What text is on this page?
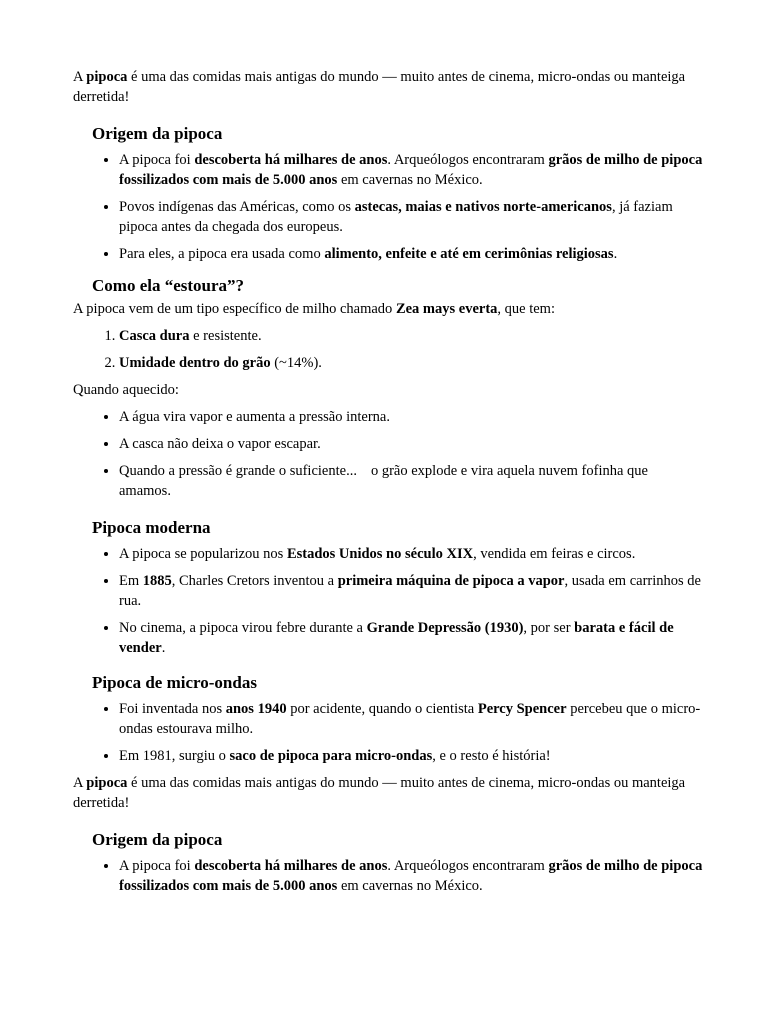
A pipoca é uma das comidas mais antigas do mundo — muito antes de cinema, micro-ondas ou manteiga derretida!

Origem da pipoca
• A pipoca foi descoberta há milhares de anos. Arqueólogos encontraram grãos de milho de pipoca fossilizados com mais de 5.000 anos em cavernas no México.
• Povos indígenas das Américas, como os astecas, maias e nativos norte-americanos, já faziam pipoca antes da chegada dos europeus.
• Para eles, a pipoca era usada como alimento, enfeite e até em cerimônias religiosas.
Como ela “estoura”?

A pipoca vem de um tipo específico de milho chamado Zea mays everta, que tem:

1. Casca dura e resistente.
2. Umidade dentro do grão (~14%).

Quando aquecido:

• A água vira vapor e aumenta a pressão interna.
• A casca não deixa o vapor escapar.
• Quando a pressão é grande o suficiente... o grão explode e vira aquela nuvem fofinha que amamos.
Pipoca moderna
• A pipoca se popularizou nos Estados Unidos no século XIX, vendida em feiras e circos.
• Em 1885, Charles Cretors inventou a primeira máquina de pipoca a vapor, usada em carrinhos de rua.
• No cinema, a pipoca virou febre durante a Grande Depressão (1930), por ser barata e fácil de vender.
Pipoca de micro-ondas
• Foi inventada nos anos 1940 por acidente, quando o cientista Percy Spencer percebeu que o micro-ondas estourava milho.
• Em 1981, surgiu o saco de pipoca para micro-ondas, e o resto é história!

A pipoca é uma das comidas mais antigas do mundo — muito antes de cinema, micro-ondas ou manteiga derretida!

Origem da pipoca
• A pipoca foi descoberta há milhares de anos. Arqueólogos encontraram grãos de milho de pipoca fossilizados com mais de 5.000 anos em cavernas no México.
